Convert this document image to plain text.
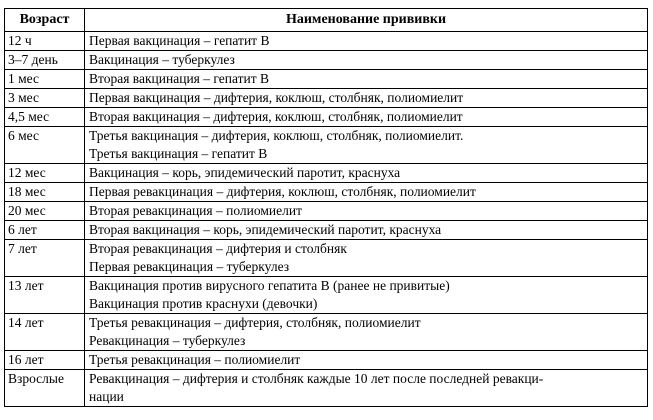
Возраст	Наименование прививки
12 ч	Первая вакцинация – гепатит В

3–7 день	Вакцинация – туберкулез

1 мес	Вторая вакцинация – гепатит В

3 мес	Первая вакцинация – дифтерия, коклюш, столбняк, полиомиелит

4,5 мес	Вторая вакцинация – дифтерия, коклюш, столбняк, полиомиелит

6 мес	Третья вакцинация – дифтерия, коклюш, столбняк, полиомиелит.
Третья вакцинация – гепатит В

12 мес	Вакцинация – корь, эпидемический паротит, краснуха

18 мес	Первая ревакцинация – дифтерия, коклюш, столбняк, полиомиелит

20 мес	Вторая ревакцинация – полиомиелит

6 лет	Вторая вакцинация – корь, эпидемический паротит, краснуха

7 лет	Вторая ревакцинация – дифтерия и столбняк
Первая ревакцинация – туберкулез

13 лет	Вакцинация против вирусного гепатита В (ранее не привитые)
Вакцинация против краснухи (девочки)

14 лет	Третья ревакцинация – дифтерия, столбняк, полиомиелит
Ревакцинация – туберкулез

16 лет	Третья ревакцинация – полиомиелит

Взрослые	Ревакцинация – дифтерия и столбняк каждые 10 лет после последней ревакци-
нации
